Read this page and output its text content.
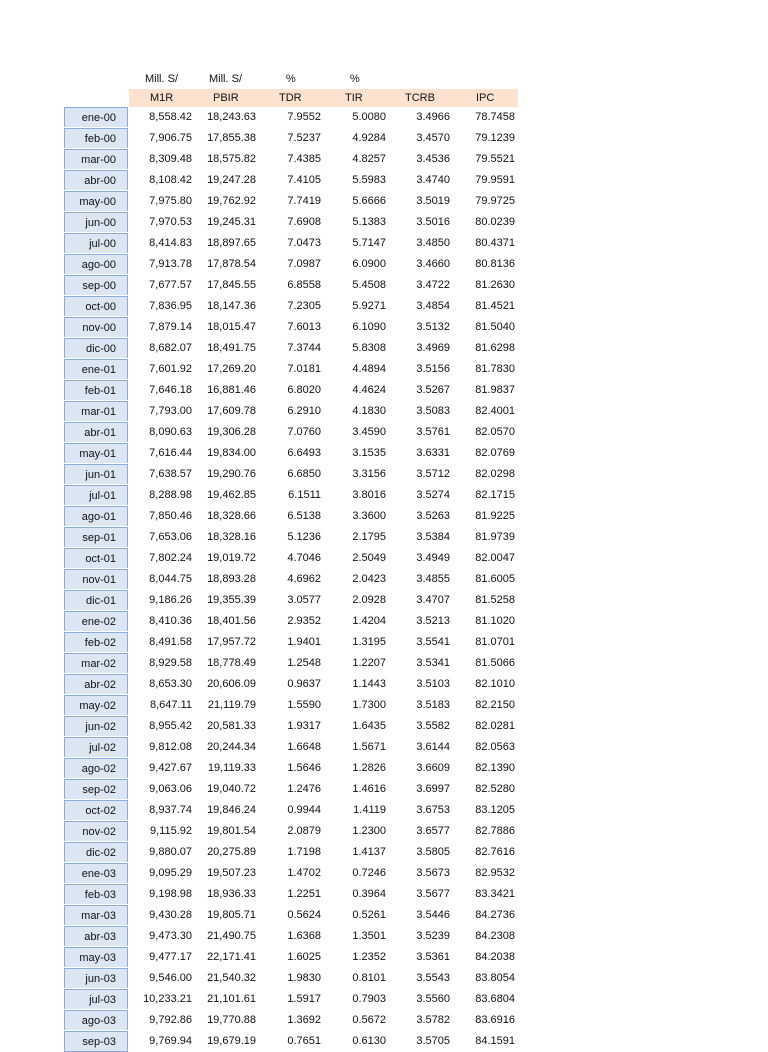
Mill. S/	Mill. S/	%	%
M1R	PBIR	TDR	TIR	TCRB	IPC
ene-00	8,558.42 18,243.63	7.9552	5.0080	3.4966 78.7458
feb-00	7,906.75 17,855.38	7.5237	4.9284	3.4570 79.1239
mar-00	8,309.48 18,575.82	7.4385	4.8257	3.4536 79.5521
abr-00	8,108.42 19,247.28	7.4105	5.5983	3.4740 79.9591
may-00	7,975.80 19,762.92	7.7419	5.6666	3.5019 79.9725
jun-00	7,970.53 19,245.31	7.6908	5.1383	3.5016 80.0239
jul-00	8,414.83 18,897.65	7.0473	5.7147	3.4850 80.4371
ago-00	7,913.78 17,878.54	7.0987	6.0900	3.4660 80.8136
sep-00	7,677.57 17,845.55	6.8558	5.4508	3.4722 81.2630
oct-00	7,836.95 18,147.36	7.2305	5.9271	3.4854 81.4521
nov-00	7,879.14 18,015.47	7.6013	6.1090	3.5132 81.5040
dic-00	8,682.07 18,491.75	7.3744	5.8308	3.4969 81.6298
ene-01	7,601.92 17,269.20	7.0181	4.4894	3.5156 81.7830
feb-01	7,646.18 16,881.46	6.8020	4.4624	3.5267 81.9837
mar-01	7,793.00 17,609.78	6.2910	4.1830	3.5083 82.4001
abr-01	8,090.63 19,306.28	7.0760	3.4590	3.5761 82.0570
may-01	7,616.44 19,834.00	6.6493	3.1535	3.6331 82.0769
jun-01	7,638.57 19,290.76	6.6850	3.3156	3.5712 82.0298
jul-01	8,288.98 19,462.85	6.1511	3.8016	3.5274 82.1715
ago-01	7,850.46 18,328.66	6.5138	3.3600	3.5263 81.9225
sep-01	7,653.06 18,328.16	5.1236	2.1795	3.5384 81.9739
oct-01	7,802.24 19,019.72	4.7046	2.5049	3.4949 82.0047
nov-01	8,044.75 18,893.28	4.6962	2.0423	3.4855 81.6005
dic-01	9,186.26 19,355.39	3.0577	2.0928	3.4707 81.5258
ene-02	8,410.36 18,401.56	2.9352	1.4204	3.5213 81.1020
feb-02	8,491.58 17,957.72	1.9401	1.3195	3.5541 81.0701
mar-02	8,929.58 18,778.49	1.2548	1.2207	3.5341 81.5066
abr-02	8,653.30 20,606.09	0.9637	1.1443	3.5103 82.1010
may-02	8,647.11 21,119.79	1.5590	1.7300	3.5183 82.2150
jun-02	8,955.42 20,581.33	1.9317	1.6435	3.5582 82.0281
jul-02	9,812.08 20,244.34	1.6648	1.5671	3.6144 82.0563
ago-02	9,427.67 19,119.33	1.5646	1.2826	3.6609 82.1390
sep-02	9,063.06 19,040.72	1.2476	1.4616	3.6997 82.5280
oct-02	8,937.74 19,846.24	0.9944	1.4119	3.6753 83.1205
nov-02	9,115.92 19,801.54	2.0879	1.2300	3.6577 82.7886
dic-02	9,880.07 20,275.89	1.7198	1.4137	3.5805 82.7616
ene-03	9,095.29 19,507.23	1.4702	0.7246	3.5673 82.9532
feb-03	9,198.98 18,936.33	1.2251	0.3964	3.5677 83.3421
mar-03	9,430.28 19,805.71	0.5624	0.5261	3.5446 84.2736
abr-03	9,473.30 21,490.75	1.6368	1.3501	3.5239 84.2308
may-03	9,477.17 22,171.41	1.6025	1.2352	3.5361 84.2038
jun-03	9,546.00 21,540.32	1.9830	0.8101	3.5543 83.8054
jul-03	10,233.21 21,101.61	1.5917	0.7903	3.5560 83.6804
ago-03	9,792.86 19,770.88	1.3692	0.5672	3.5782 83.6916
sep-03	9,769.94 19,679.19	0.7651	0.6130	3.5705 84.1591
